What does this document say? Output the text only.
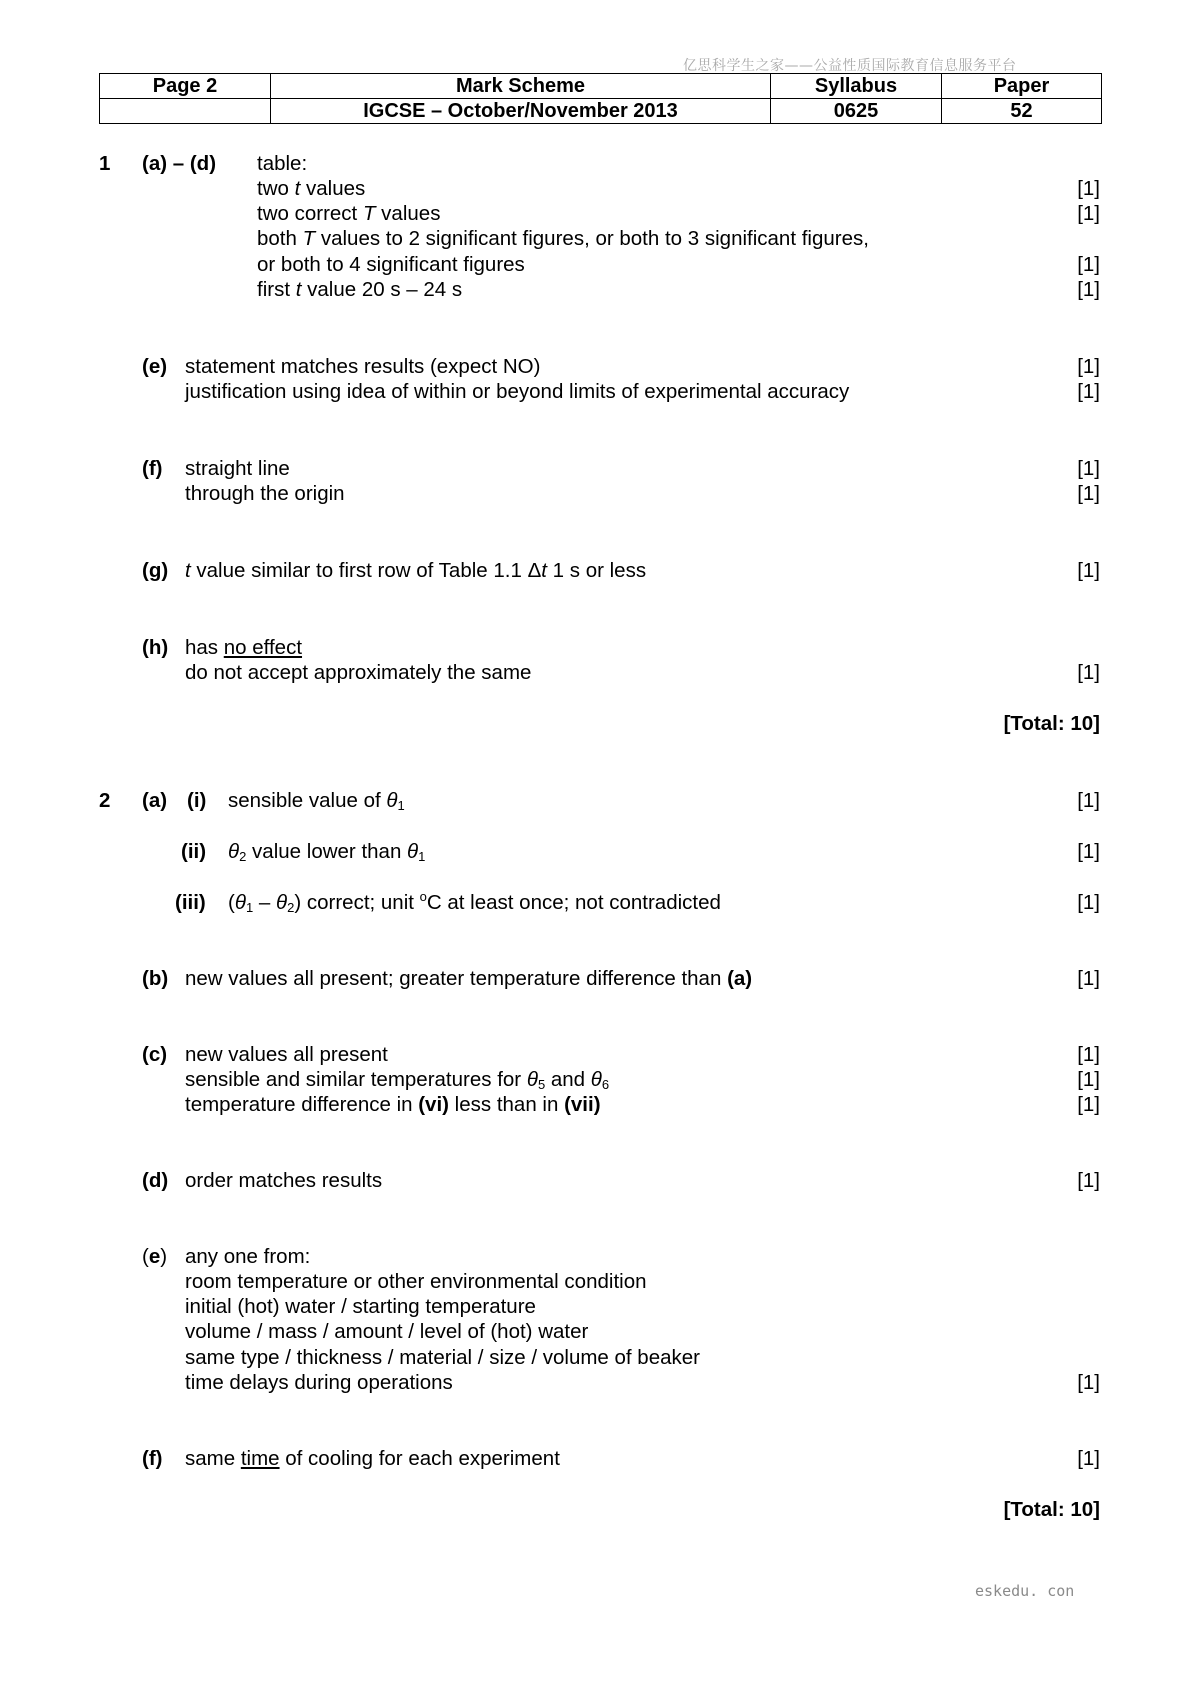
亿思科学生之家——公益性质国际教育信息服务平台
Page 2	Mark Scheme	Syllabus	Paper
	IGCSE – October/November 2013	0625	52
1 (a) – (d) table:
two t values	[1]
two correct T values	[1]
both T values to 2 significant figures, or both to 3 significant figures,
or both to 4 significant figures	[1]
first t value 20 s – 24 s	[1]
(e) statement matches results (expect NO)	[1]
justification using idea of within or beyond limits of experimental accuracy	[1]
(f) straight line	[1]
through the origin	[1]
(g) t value similar to first row of Table 1.1 Δt 1 s or less	[1]
(h) has no effect
do not accept approximately the same	[1]
[Total: 10]
2 (a) (i) sensible value of $\theta_1$	[1]
(ii) $\theta_2$ value lower than $\theta_1$	[1]
(iii) $(\theta_1 - \theta_2)$ correct; unit $^o$C at least once; not contradicted	[1]
(b) new values all present; greater temperature difference than (a)	[1]
(c) new values all present	[1]
sensible and similar temperatures for $\theta_5$ and $\theta_6$	[1]
temperature difference in (vi) less than in (vii)	[1]
(d) order matches results	[1]
(e) any one from:
room temperature or other environmental condition
initial (hot) water / starting temperature
volume / mass / amount / level of (hot) water
same type / thickness / material / size / volume of beaker
time delays during operations	[1]
(f) same time of cooling for each experiment	[1]
[Total: 10]
eskedu. con
